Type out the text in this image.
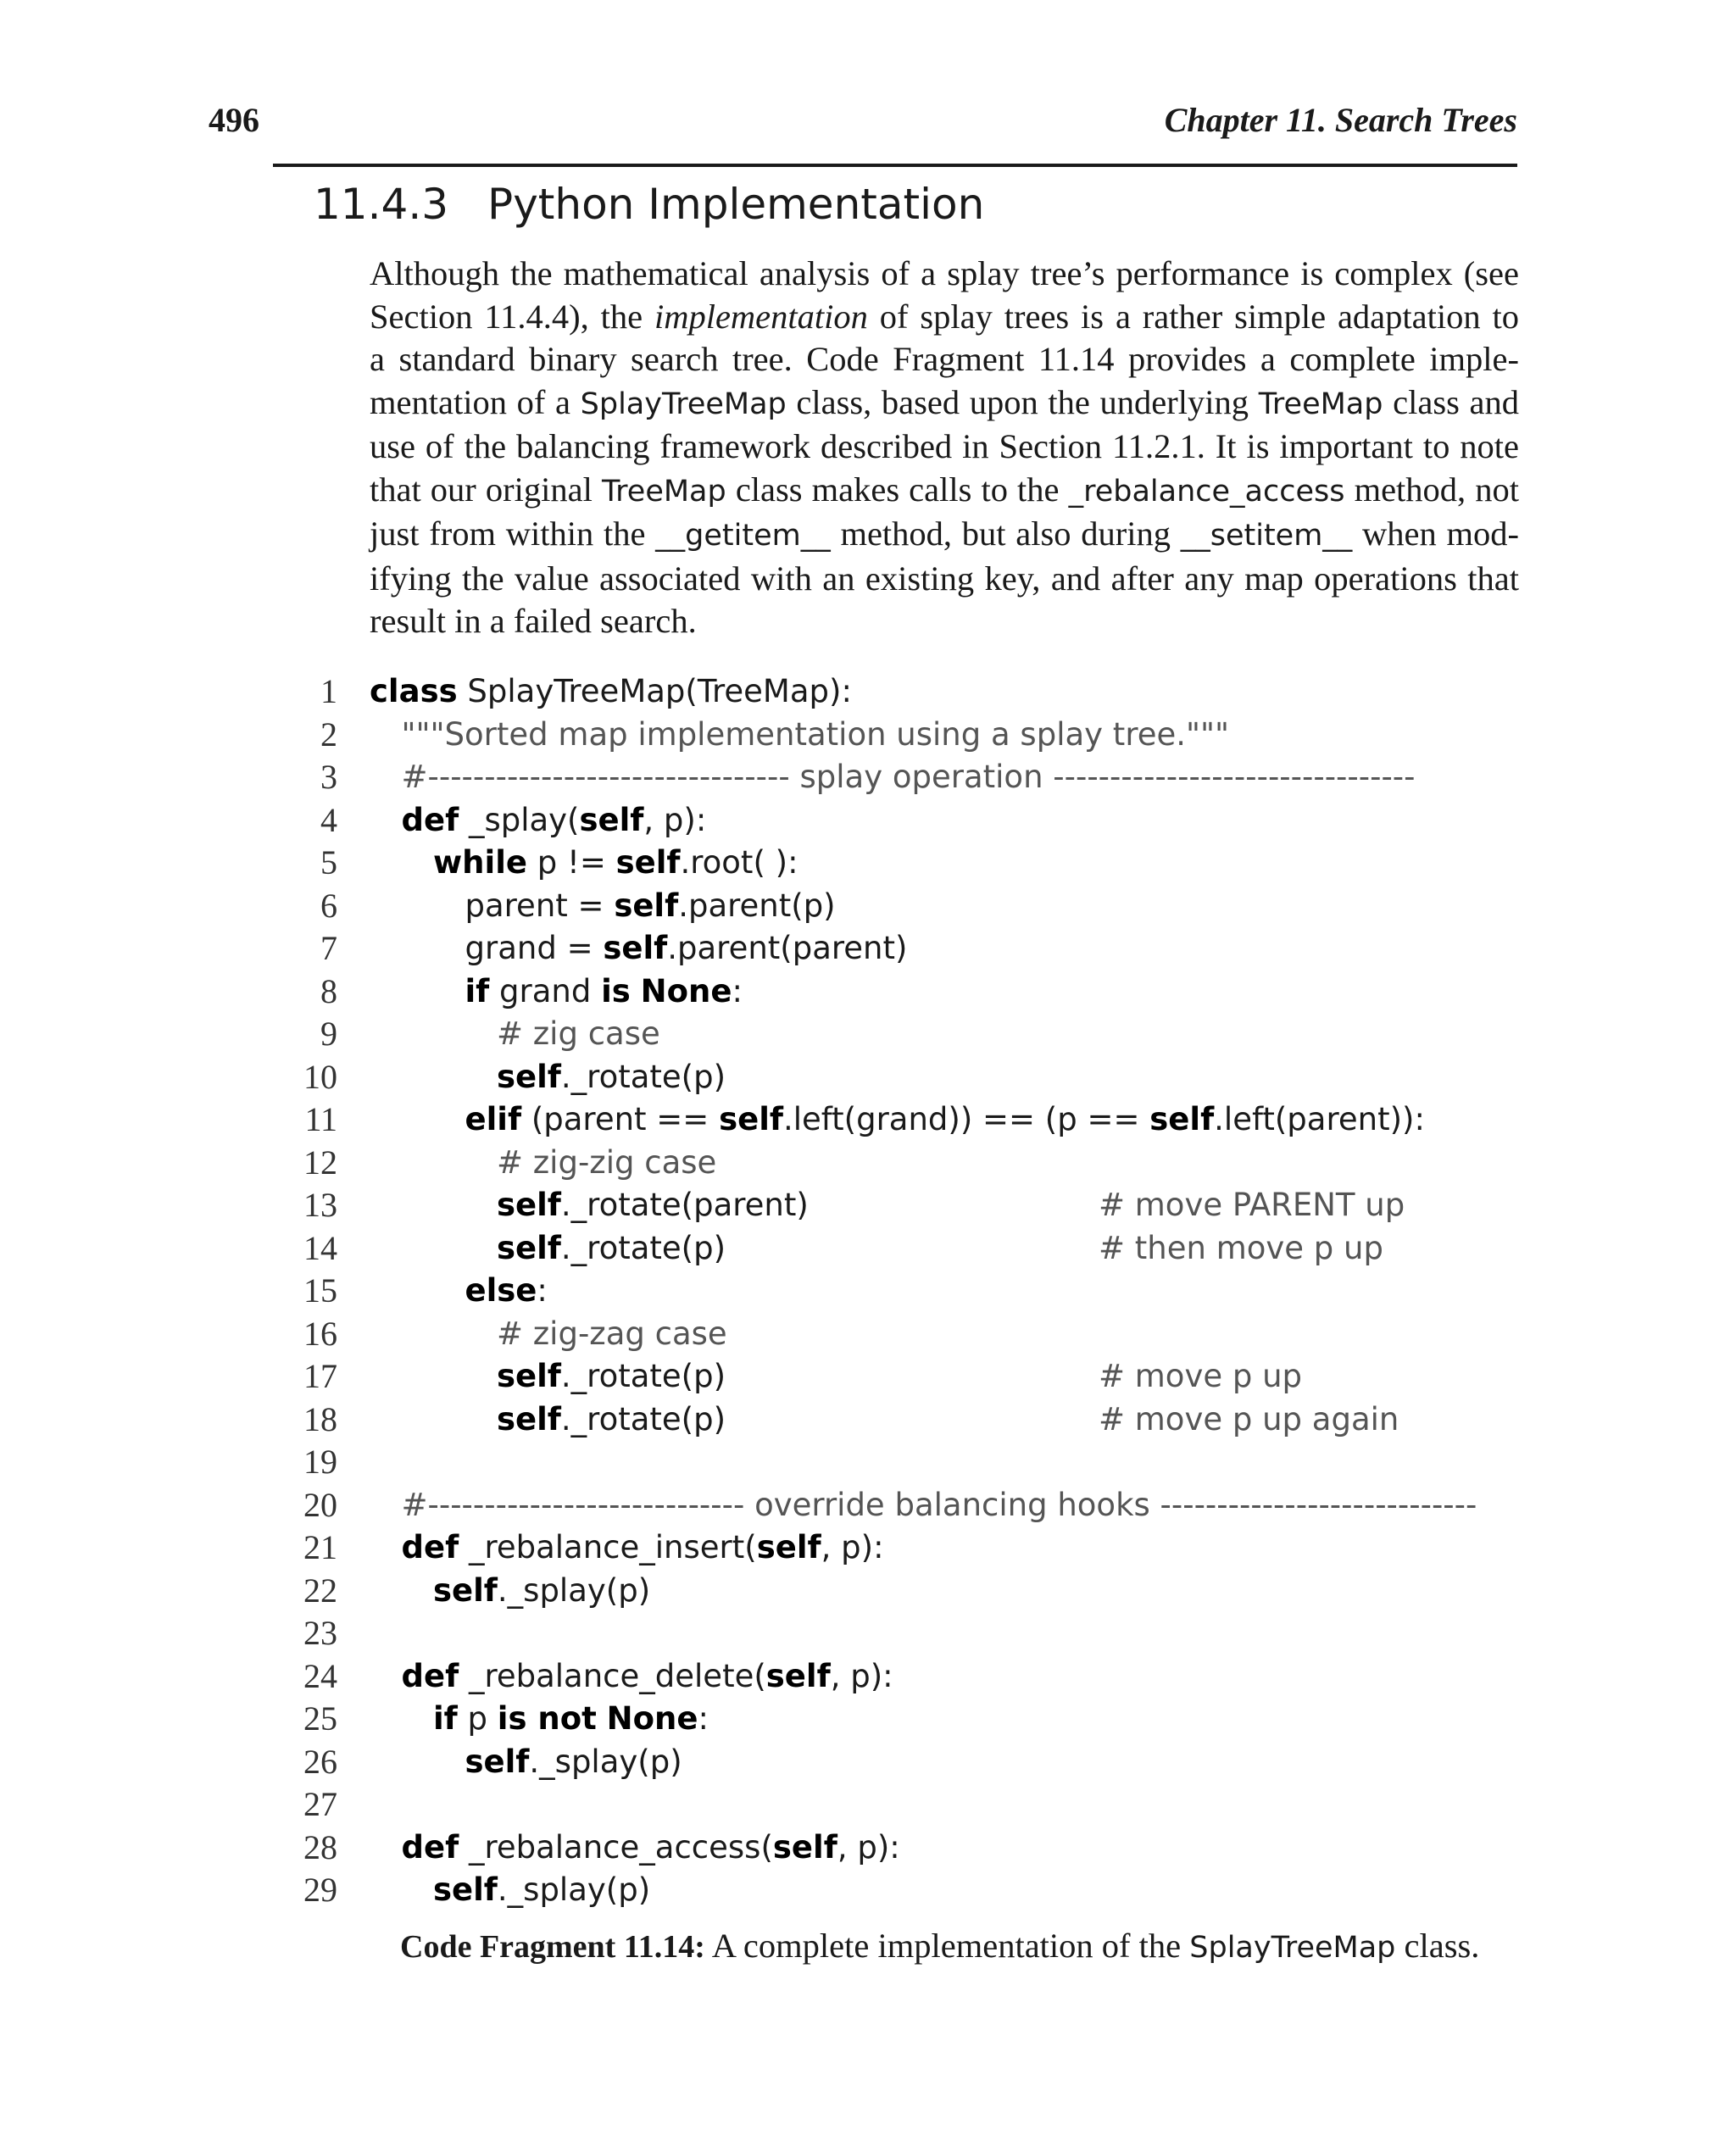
496	Chapter 11. Search Trees
11.4.3 Python Implementation
Although the mathematical analysis of a splay tree’s performance is complex (see
Section 11.4.4), the implementation of splay trees is a rather simple adaptation to
a standard binary search tree. Code Fragment 11.14 provides a complete imple-
mentation of a SplayTreeMap class, based upon the underlying TreeMap class and
use of the balancing framework described in Section 11.2.1. It is important to note
that our original TreeMap class makes calls to the _rebalance_access method, not
just from within the __getitem__ method, but also during __setitem__ when mod-
ifying the value associated with an existing key, and after any map operations that
result in a failed search.
1 class SplayTreeMap(TreeMap):
2 """Sorted map implementation using a splay tree."""
3 #-------------------------------- splay operation --------------------------------
4 def _splay(self, p):
5	while p != self.root( ):
6	parent = self.parent(p)
7	grand = self.parent(parent)
8	if grand is None:
9	# zig case
10	self._rotate(p)
11	elif (parent == self.left(grand)) == (p == self.left(parent)):
12	# zig-zig case
13	self._rotate(parent)	# move PARENT up
14	self._rotate(p)	# then move p up
15	else:
16	# zig-zag case
17	self._rotate(p)	# move p up
18	self._rotate(p)	# move p up again
19
20 #---------------------------- override balancing hooks ----------------------------
21 def _rebalance_insert(self, p):
22	self._splay(p)
23
24 def _rebalance_delete(self, p):
25	if p is not None:
26	self._splay(p)
27
28 def _rebalance_access(self, p):
29	self._splay(p)
Code Fragment 11.14: A complete implementation of the SplayTreeMap class.
